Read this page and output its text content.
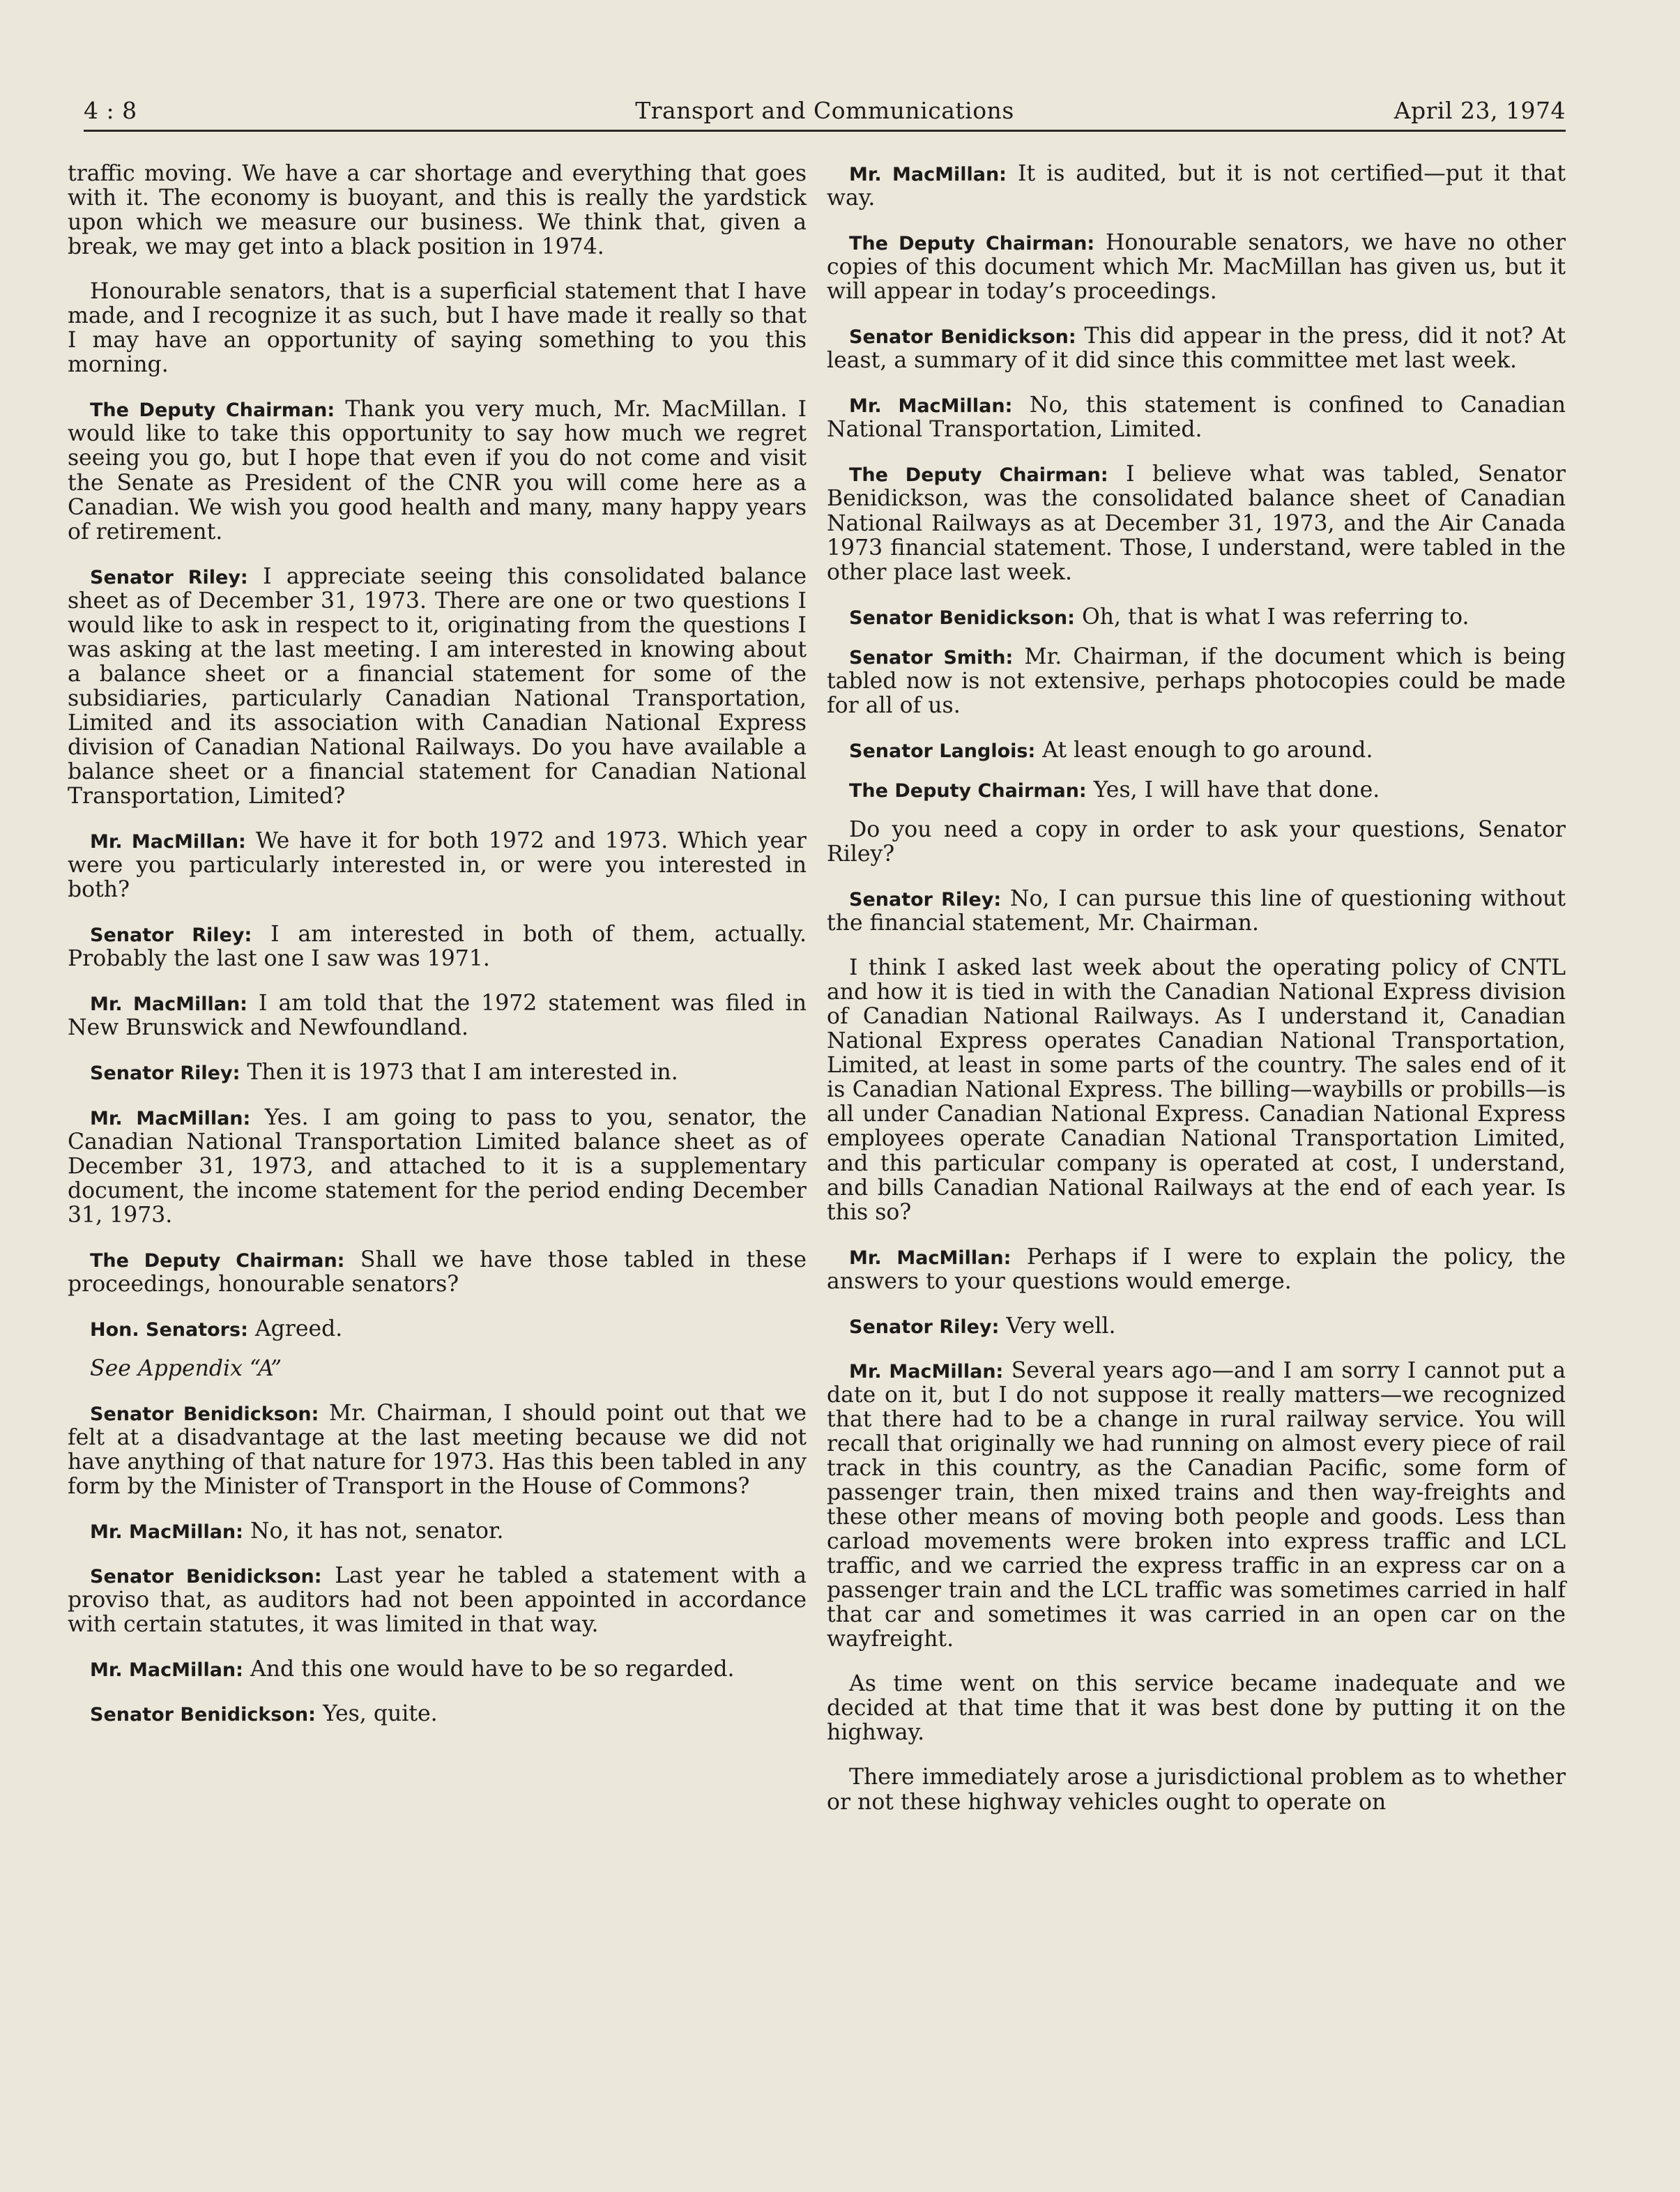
4 : 8	Transport and Communications	April 23, 1974

traffic moving. We have a car shortage and everything that goes with it. The economy is buoyant, and this is really the yardstick upon which we measure our business. We think that, given a break, we may get into a black position in 1974.

Honourable senators, that is a superficial statement that I have made, and I recognize it as such, but I have made it really so that I may have an opportunity of saying something to you this morning.

The Deputy Chairman: Thank you very much, Mr. MacMillan. I would like to take this opportunity to say how much we regret seeing you go, but I hope that even if you do not come and visit the Senate as President of the CNR you will come here as a Canadian. We wish you good health and many, many happy years of retirement.

Senator Riley: I appreciate seeing this consolidated balance sheet as of December 31, 1973. There are one or two questions I would like to ask in respect to it, originating from the questions I was asking at the last meeting. I am interested in knowing about a balance sheet or a financial statement for some of the subsidiaries, particularly Canadian National Transportation, Limited and its association with Canadian National Express division of Canadian National Railways. Do you have available a balance sheet or a financial statement for Canadian National Transportation, Limited?

Mr. MacMillan: We have it for both 1972 and 1973. Which year were you particularly interested in, or were you interested in both?

Senator Riley: I am interested in both of them, actually. Probably the last one I saw was 1971.

Mr. MacMillan: I am told that the 1972 statement was filed in New Brunswick and Newfoundland.

Senator Riley: Then it is 1973 that I am interested in.

Mr. MacMillan: Yes. I am going to pass to you, senator, the Canadian National Transportation Limited balance sheet as of December 31, 1973, and attached to it is a supplementary document, the income statement for the period ending December 31, 1973.

The Deputy Chairman: Shall we have those tabled in these proceedings, honourable senators?

Hon. Senators: Agreed.

See Appendix “A”

Senator Benidickson: Mr. Chairman, I should point out that we felt at a disadvantage at the last meeting because we did not have anything of that nature for 1973. Has this been tabled in any form by the Minister of Transport in the House of Commons?

Mr. MacMillan: No, it has not, senator.

Senator Benidickson: Last year he tabled a statement with a proviso that, as auditors had not been appointed in accordance with certain statutes, it was limited in that way.

Mr. MacMillan: And this one would have to be so regarded.

Senator Benidickson: Yes, quite.

Mr. MacMillan: It is audited, but it is not certified—put it that way.

The Deputy Chairman: Honourable senators, we have no other copies of this document which Mr. MacMillan has given us, but it will appear in today’s proceedings.

Senator Benidickson: This did appear in the press, did it not? At least, a summary of it did since this committee met last week.

Mr. MacMillan: No, this statement is confined to Canadian National Transportation, Limited.

The Deputy Chairman: I believe what was tabled, Senator Benidickson, was the consolidated balance sheet of Canadian National Railways as at December 31, 1973, and the Air Canada 1973 financial statement. Those, I understand, were tabled in the other place last week.

Senator Benidickson: Oh, that is what I was referring to.

Senator Smith: Mr. Chairman, if the document which is being tabled now is not extensive, perhaps photocopies could be made for all of us.

Senator Langlois: At least enough to go around.

The Deputy Chairman: Yes, I will have that done.

Do you need a copy in order to ask your questions, Senator Riley?

Senator Riley: No, I can pursue this line of questioning without the financial statement, Mr. Chairman.

I think I asked last week about the operating policy of CNTL and how it is tied in with the Canadian National Express division of Canadian National Railways. As I understand it, Canadian National Express operates Canadian National Transportation, Limited, at least in some parts of the country. The sales end of it is Canadian National Express. The billing—waybills or probills—is all under Canadian National Express. Canadian National Express employees operate Canadian National Transportation Limited, and this particular company is operated at cost, I understand, and bills Canadian National Railways at the end of each year. Is this so?

Mr. MacMillan: Perhaps if I were to explain the policy, the answers to your questions would emerge.

Senator Riley: Very well.

Mr. MacMillan: Several years ago—and I am sorry I cannot put a date on it, but I do not suppose it really matters—we recognized that there had to be a change in rural railway service. You will recall that originally we had running on almost every piece of rail track in this country, as the Canadian Pacific, some form of passenger train, then mixed trains and then way-freights and these other means of moving both people and goods. Less than carload movements were broken into express traffic and LCL traffic, and we carried the express traffic in an express car on a passenger train and the LCL traffic was sometimes carried in half that car and sometimes it was carried in an open car on the wayfreight.

As time went on this service became inadequate and we decided at that time that it was best done by putting it on the highway.

There immediately arose a jurisdictional problem as to whether or not these highway vehicles ought to operate on
